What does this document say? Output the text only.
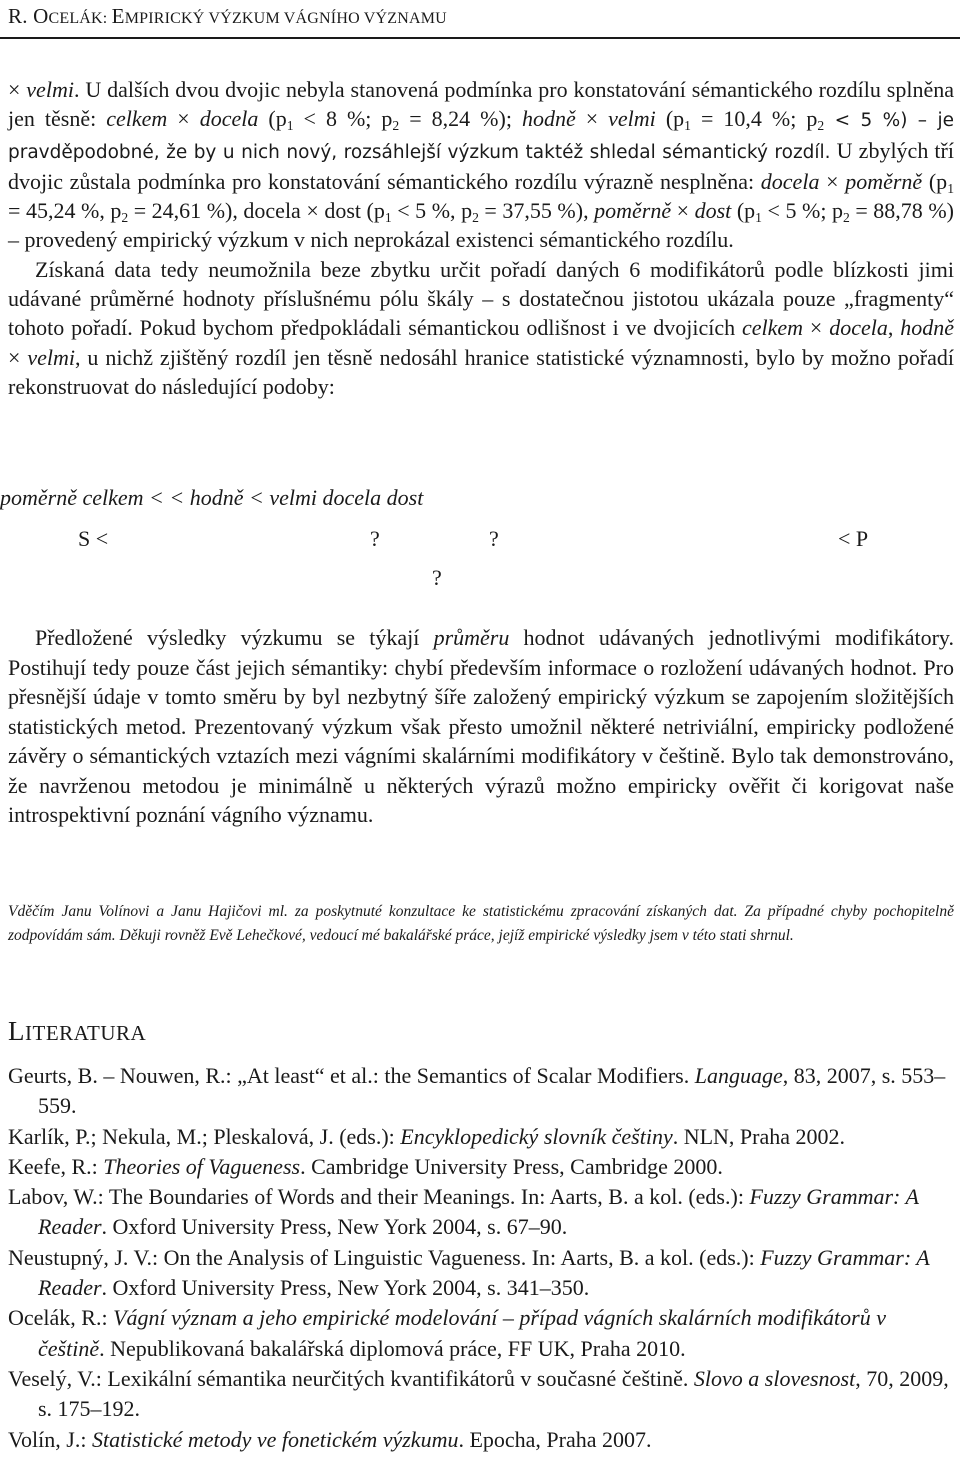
R. OCELÁK: EMPIRICKÝ VÝZKUM VÁGNÍHO VÝZNAMU

× velmi. U dalších dvou dvojic nebyla stanovená podmínka pro konstatování sémantického rozdílu splněna jen těsně: celkem × docela ($p_1 < 8$ %; $p_2 = 8,24$ %); hodně × velmi ($p_1 = 10,4$ %; $p_2 < 5$ %) – je pravděpodobné, že by u nich nový, rozsáhlejší výzkum taktéž shledal sémantický rozdíl. U zbylých tří dvojic zůstala podmínka pro konstatování sémantického rozdílu výrazně nesplněna: docela × poměrně ($p_1 = 45,24$ %, $p_2 = 24,61$ %), docela × dost ($p_1 < 5$ %, $p_2 = 37,55$ %), poměrně × dost ($p_1 < 5$ %; $p_2 = 88,78$ %) – provedený empirický výzkum v nich neprokázal existenci sémantického rozdílu.

Získaná data tedy neumožnila beze zbytku určit pořadí daných 6 modifikátorů podle blízkosti jimi udávané průměrné hodnoty příslušnému pólu škály – s dostatečnou jistotou ukázala pouze „fragmenty“ tohoto pořadí. Pokud bychom předpokládali sémantickou odlišnost i ve dvojicích celkem × docela, hodně × velmi, u nichž zjištěný rozdíl jen těsně nedosáhl hranice statistické významnosti, bylo by možno pořadí rekonstruovat do následující podoby:

poměrně
S <
celkem <
?	?
< hodně < velmi
< P
docela
?
dost

Předložené výsledky výzkumu se týkají průměru hodnot udávaných jednotlivými modifikátory. Postihují tedy pouze část jejich sémantiky: chybí především informace o rozložení udávaných hodnot. Pro přesnější údaje v tomto směru by byl nezbytný šíře založený empirický výzkum se zapojením složitějších statistických metod. Prezentovaný výzkum však přesto umožnil některé netriviální, empiricky podložené závěry o sémantických vztazích mezi vágními skalárními modifikátory v češtině. Bylo tak demonstrováno, že navrženou metodou je minimálně u některých výrazů možno empiricky ověřit či korigovat naše introspektivní poznání vágního významu.

Vděčím Janu Volínovi a Janu Hajičovi ml. za poskytnuté konzultace ke statistickému zpracování získaných dat. Za případné chyby pochopitelně zodpovídám sám. Děkuji rovněž Evě Lehečkové, vedoucí mé bakalářské práce, jejíž empirické výsledky jsem v této stati shrnul.
LITERATURA

Geurts, B. – Nouwen, R.: „At least“ et al.: the Semantics of Scalar Modifiers. Language, 83, 2007, s. 553–559.

Karlík, P.; Nekula, M.; Pleskalová, J. (eds.): Encyklopedický slovník češtiny. NLN, Praha 2002.

Keefe, R.: Theories of Vagueness. Cambridge University Press, Cambridge 2000.

Labov, W.: The Boundaries of Words and their Meanings. In: Aarts, B. a kol. (eds.): Fuzzy Grammar: A Reader. Oxford University Press, New York 2004, s. 67–90.

Neustupný, J. V.: On the Analysis of Linguistic Vagueness. In: Aarts, B. a kol. (eds.): Fuzzy Grammar: A Reader. Oxford University Press, New York 2004, s. 341–350.

Ocelák, R.: Vágní význam a jeho empirické modelování – případ vágních skalárních modifikátorů v češtině. Nepublikovaná bakalářská diplomová práce, FF UK, Praha 2010.

Veselý, V.: Lexikální sémantika neurčitých kvantifikátorů v současné češtině. Slovo a slovesnost, 70, 2009, s. 175–192.

Volín, J.: Statistické metody ve fonetickém výzkumu. Epocha, Praha 2007.
